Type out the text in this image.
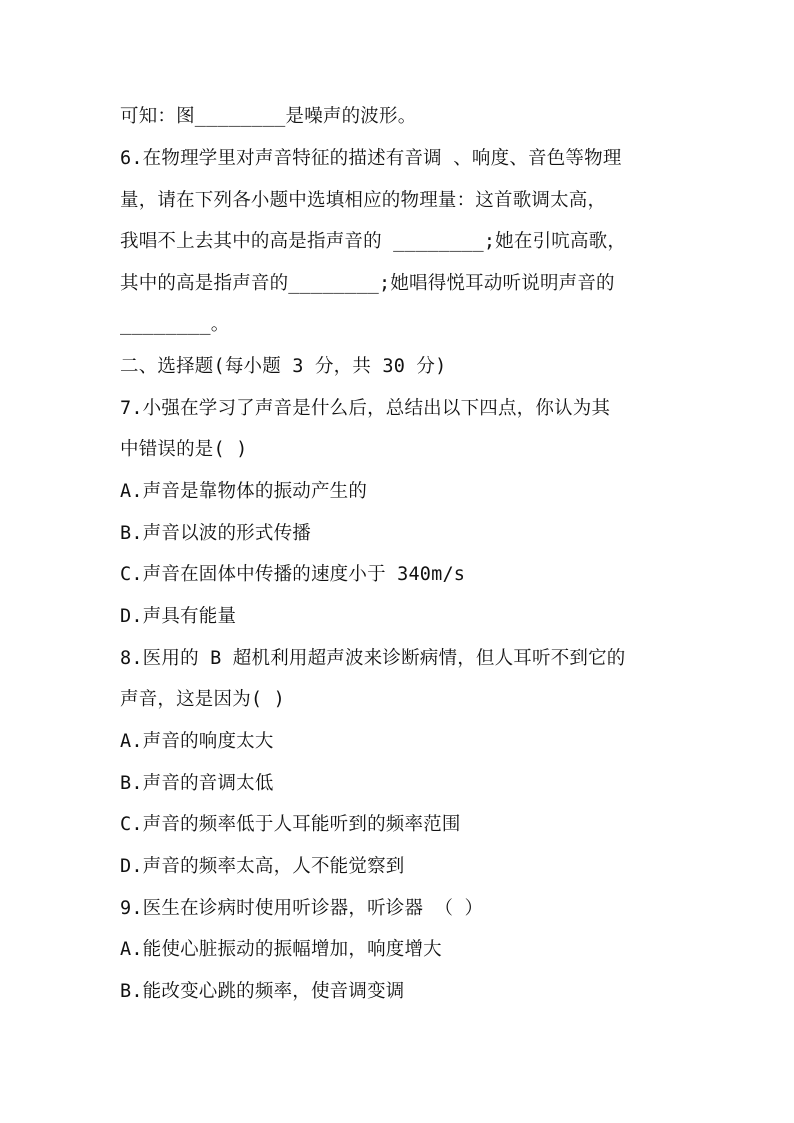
可知：图________是噪声的波形。
6.在物理学里对声音特征的描述有音调 、响度、音色等物理
量，请在下列各小题中选填相应的物理量：这首歌调太高，
我唱不上去其中的高是指声音的 ________;她在引吭高歌，
其中的高是指声音的________;她唱得悦耳动听说明声音的
________。
二、选择题(每小题 3 分，共 30 分)
7.小强在学习了声音是什么后，总结出以下四点，你认为其
中错误的是( )
A.声音是靠物体的振动产生的
B.声音以波的形式传播
C.声音在固体中传播的速度小于 340m/s
D.声具有能量
8.医用的 B 超机利用超声波来诊断病情，但人耳听不到它的
声音，这是因为( )
A.声音的响度太大
B.声音的音调太低
C.声音的频率低于人耳能听到的频率范围
D.声音的频率太高，人不能觉察到
9.医生在诊病时使用听诊器，听诊器 （ ）
A.能使心脏振动的振幅增加，响度增大
B.能改变心跳的频率，使音调变调
